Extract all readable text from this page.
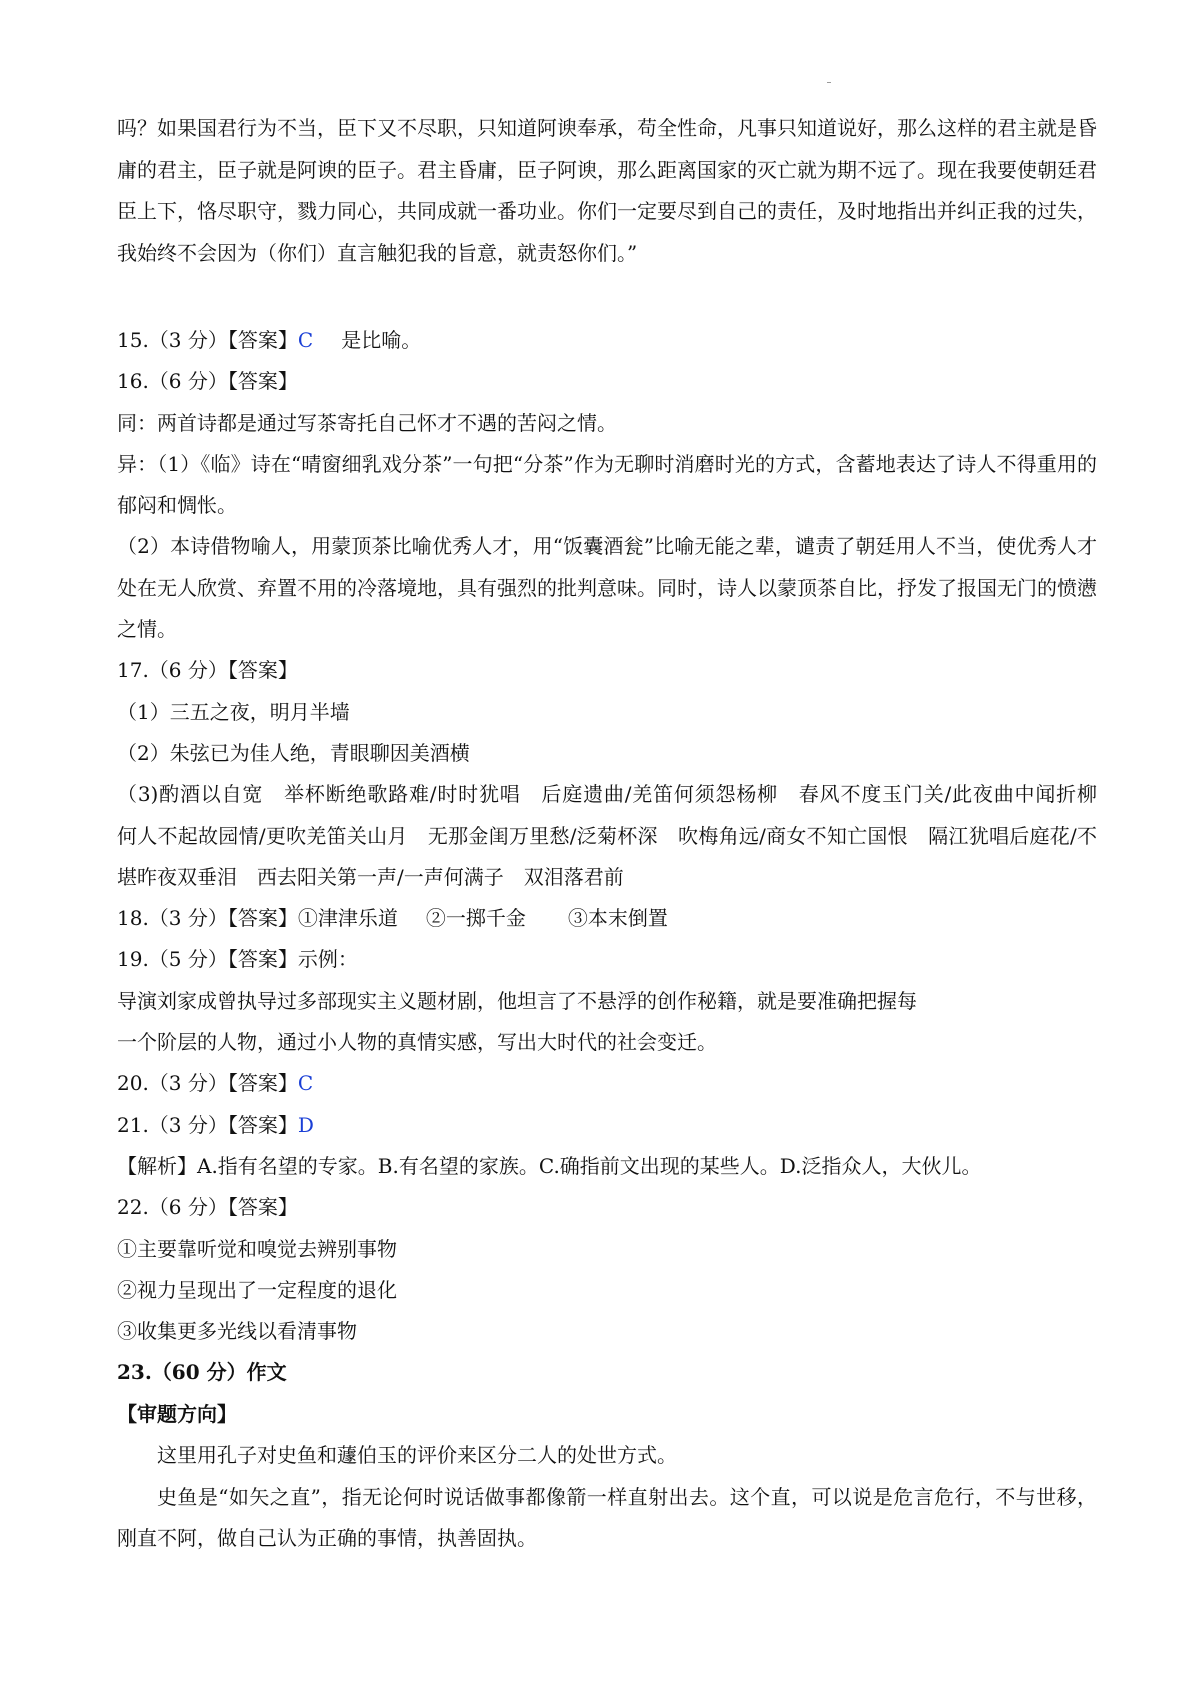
吗？如果国君行为不当，臣下又不尽职，只知道阿谀奉承，苟全性命，凡事只知道说好，那么这样的君主就是昏庸的君主，臣子就是阿谀的臣子。君主昏庸，臣子阿谀，那么距离国家的灭亡就为期不远了。现在我要使朝廷君臣上下，恪尽职守，戮力同心，共同成就一番功业。你们一定要尽到自己的责任，及时地指出并纠正我的过失，我始终不会因为（你们）直言触犯我的旨意，就责怒你们。”

15.（3 分）【答案】C 是比喻。

16.（6 分）【答案】

同：两首诗都是通过写茶寄托自己怀才不遇的苦闷之情。

异：（1）《临》诗在“晴窗细乳戏分茶”一句把“分茶”作为无聊时消磨时光的方式，含蓄地表达了诗人不得重用的郁闷和惆怅。

（2）本诗借物喻人，用蒙顶茶比喻优秀人才，用“饭囊酒瓮”比喻无能之辈，谴责了朝廷用人不当，使优秀人才处在无人欣赏、弃置不用的冷落境地，具有强烈的批判意味。同时，诗人以蒙顶茶自比，抒发了报国无门的愤懑之情。

17.（6 分）【答案】

（1）三五之夜，明月半墙

（2）朱弦已为佳人绝，青眼聊因美酒横

（3)酌酒以自宽　举杯断绝歌路难/时时犹唱　后庭遗曲/羌笛何须怨杨柳　春风不度玉门关/此夜曲中闻折柳　何人不起故园情/更吹羌笛关山月　无那金闺万里愁/泛菊杯深　吹梅角远/商女不知亡国恨　隔江犹唱后庭花/不堪昨夜双垂泪　西去阳关第一声/一声何满子　双泪落君前

18.（3 分）【答案】①津津乐道 ②一掷千金 ③本末倒置

19.（5 分）【答案】示例：

导演刘家成曾执导过多部现实主义题材剧，他坦言了不悬浮的创作秘籍，就是要准确把握每

一个阶层的人物，通过小人物的真情实感，写出大时代的社会变迁。

20.（3 分）【答案】C

21.（3 分）【答案】D

【解析】A.指有名望的专家。B.有名望的家族。C.确指前文出现的某些人。D.泛指众人，大伙儿。

22.（6 分）【答案】

①主要靠听觉和嗅觉去辨别事物

②视力呈现出了一定程度的退化

③收集更多光线以看清事物

23.（60 分）作文

【审题方向】

这里用孔子对史鱼和蘧伯玉的评价来区分二人的处世方式。

史鱼是“如矢之直”，指无论何时说话做事都像箭一样直射出去。这个直，可以说是危言危行，不与世移，刚直不阿，做自己认为正确的事情，执善固执。
